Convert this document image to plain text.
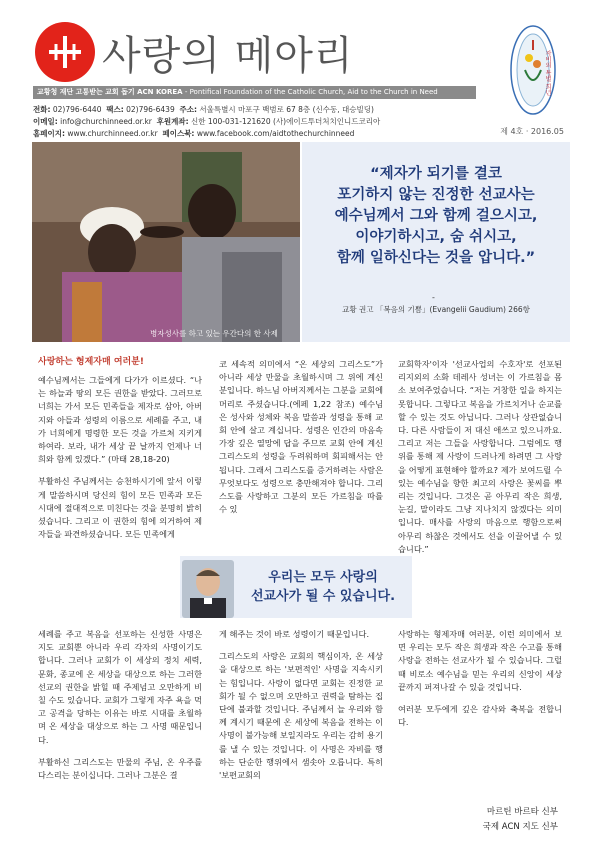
사랑의 메아리	자비의 특별 희년
교황청 재단 고통받는 교회 돕기 ACN KOREA - Pontifical Foundation of the Catholic Church, Aid to the Church in Need
전화: 02)796-6440 팩스: 02)796-6439 주소: 서울특별시 마포구 백범로 67 8층 (신수동, 대승빌딩)
이메일: info@churchinneed.or.kr 후원계좌: 신한 100-031-121620 (사)에이드투더처치인니드코리아
홈페이지: www.churchinneed.or.kr 페이스북: www.facebook.com/aidtothechurchinneed	제 4호 · 2016.05
병자성사를 하고 있는 우간다의 한 사제
“제자가 되기를 결코
포기하지 않는 진정한 선교사는
예수님께서 그와 함께 걸으시고,
이야기하시고, 숨 쉬시고,
함께 일하신다는 것을 압니다.”
-
교황 권고 「복음의 기쁨」(Evangelii Gaudium) 266항
사랑하는 형제자매 여러분!

예수님께서는 그들에게 다가가 이르셨다. “나는 하늘과 땅의 모든 권한을 받았다. 그러므로 너희는 가서 모든 민족들을 제자로 삼아, 아버지와 아들과 성령의 이름으로 세례를 주고, 내가 너희에게 명령한 모든 것을 가르쳐 지키게 하여라. 보라, 내가 세상 끝 날까지 언제나 너희와 함께 있겠다.” (마태 28,18-20)

부활하신 주님께서는 승천하시기에 앞서 이렇게 말씀하시며 당신의 힘이 모든 민족과 모든 시대에 절대적으로 미친다는 것을 분명히 밝히셨습니다. 그리고 이 권한의 힘에 의거하여 제자들을 파견하셨습니다. 모든 민족에게

코 세속적 의미에서 “온 세상의 그리스도”가 아니라 세상 만물을 초월하시며 그 위에 계신 분입니다. 하느님 아버지께서는 그분을 교회에 머리로 주셨습니다.(에페 1,22 참조) 예수님은 성사와 성체와 복음 말씀과 성령을 통해 교회 안에 살고 계십니다. 성령은 인간의 마음속 가장 깊은 열망에 답을 주므로 교회 안에 계신 그리스도의 성령을 두려워하며 회피해서는 안 됩니다. 그래서 그리스도를 증거하려는 사람은 무엇보다도 성령으로 충만해져야 합니다. 그리스도를 사랑하고 그분의 모든 가르침을 따를 수 있

교회학자'이자 '선교사업의 수호자'로 선포된 리지외의 소화 데레사 성녀는 이 가르침을 몸소 보여주었습니다. “저는 거창한 일을 하지는 못합니다. 그렇다고 복음을 가르치거나 순교를 할 수 있는 것도 아닙니다. 그러나 상관없습니다. 다른 사람들이 저 대신 애쓰고 있으니까요. 그리고 저는 그들을 사랑합니다. 그럼에도 행위를 통해 제 사랑이 드러나게 하려면 그 사랑을 어떻게 표현해야 할까요? 제가 보여드릴 수 있는 예수님을 향한 최고의 사랑은 꽃씨를 뿌리는 것입니다. 그것은 곧 아무리 작은 희생, 눈길, 말이라도 그냥 지나치지 않겠다는 의미입니다. 매사를 사랑의 마음으로 행함으로써 아무리 하찮은 것에서도 선을 이끌어낼 수 있습니다.”

세례를 주고 복음을 선포하는 신성한 사명은 지도 교회뿐 아니라 우리 각자의 사명이기도 합니다. 그러나 교회가 이 세상의 정치 세력, 문화, 종교에 온 세상을 대상으로 하는 그러한 선교의 권한을 밝힐 때 주제넘고 오만하게 비칠 수도 있습니다. 교회가 그렇게 자주 욕을 먹고 공격을 당하는 이유는 바로 시대를 초월하며 온 세상을 대상으로 하는 그 사명 때문입니다.

부활하신 그리스도는 만물의 주님, 온 우주를 다스리는 분이십니다. 그러나 그분은 결

게 해주는 것이 바로 성령이기 때문입니다.

그리스도의 사랑은 교회의 핵심이자, 온 세상을 대상으로 하는 '보편적인' 사명을 지속시키는 힘입니다. 사랑이 없다면 교회는 진정한 교회가 될 수 없으며 오만하고 권력을 탐하는 집단에 불과할 것입니다. 주님께서 늘 우리와 함께 계시기 때문에 온 세상에 복음을 전하는 이 사명이 불가능해 보일지라도 우리는 감히 용기를 낼 수 있는 것입니다. 이 사명은 자비를 행하는 단순한 행위에서 샘솟아 오릅니다. 특히 '보편교회의

사랑하는 형제자매 여러분, 이런 의미에서 보면 우리는 모두 작은 희생과 작은 수고를 통해 사랑을 전하는 선교사가 될 수 있습니다. 그럴 때 비로소 예수님을 믿는 우리의 신앙이 세상 끝까지 퍼져나갈 수 있을 것입니다.

여러분 모두에게 깊은 감사와 축복을 전합니다.

우리는 모두 사랑의
선교사가 될 수 있습니다.
마르틴 바르타 신부
국제 ACN 지도 신부
